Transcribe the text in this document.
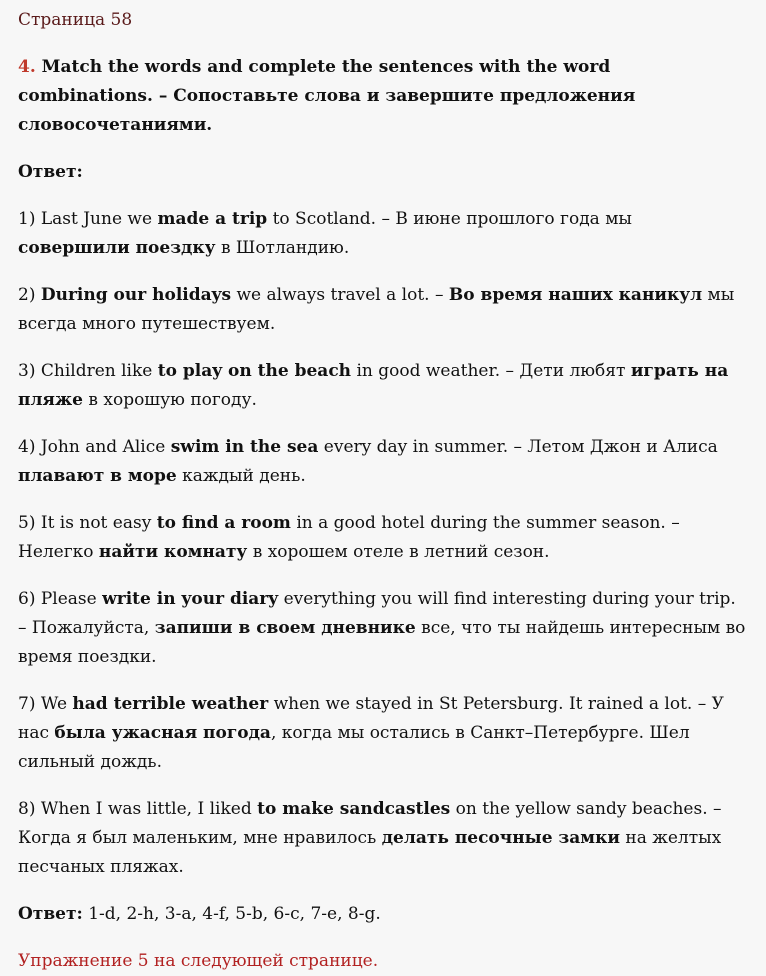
Страница 58
4. Match the words and complete the sentences with the word combinations. – Сопоставьте слова и завершите предложения словосочетаниями.
Ответ:
1) Last June we made a trip to Scotland. – В июне прошлого года мы совершили поездку в Шотландию.
2) During our holidays we always travel a lot. – Во время наших каникул мы всегда много путешествуем.
3) Children like to play on the beach in good weather. – Дети любят играть на пляже в хорошую погоду.
4) John and Alice swim in the sea every day in summer. – Летом Джон и Алиса плавают в море каждый день.
5) It is not easy to find a room in a good hotel during the summer season. – Нелегко найти комнату в хорошем отеле в летний сезон.
6) Please write in your diary everything you will find interesting during your trip. – Пожалуйста, запиши в своем дневнике все, что ты найдешь интересным во время поездки.
7) We had terrible weather when we stayed in St Petersburg. It rained a lot. – У нас была ужасная погода, когда мы остались в Санкт–Петербурге. Шел сильный дождь.
8) When I was little, I liked to make sandcastles on the yellow sandy beaches. – Когда я был маленьким, мне нравилось делать песочные замки на желтых песчаных пляжах.
Ответ: 1-d, 2-h, 3-a, 4-f, 5-b, 6-c, 7-e, 8-g.
Упражнение 5 на следующей странице.
